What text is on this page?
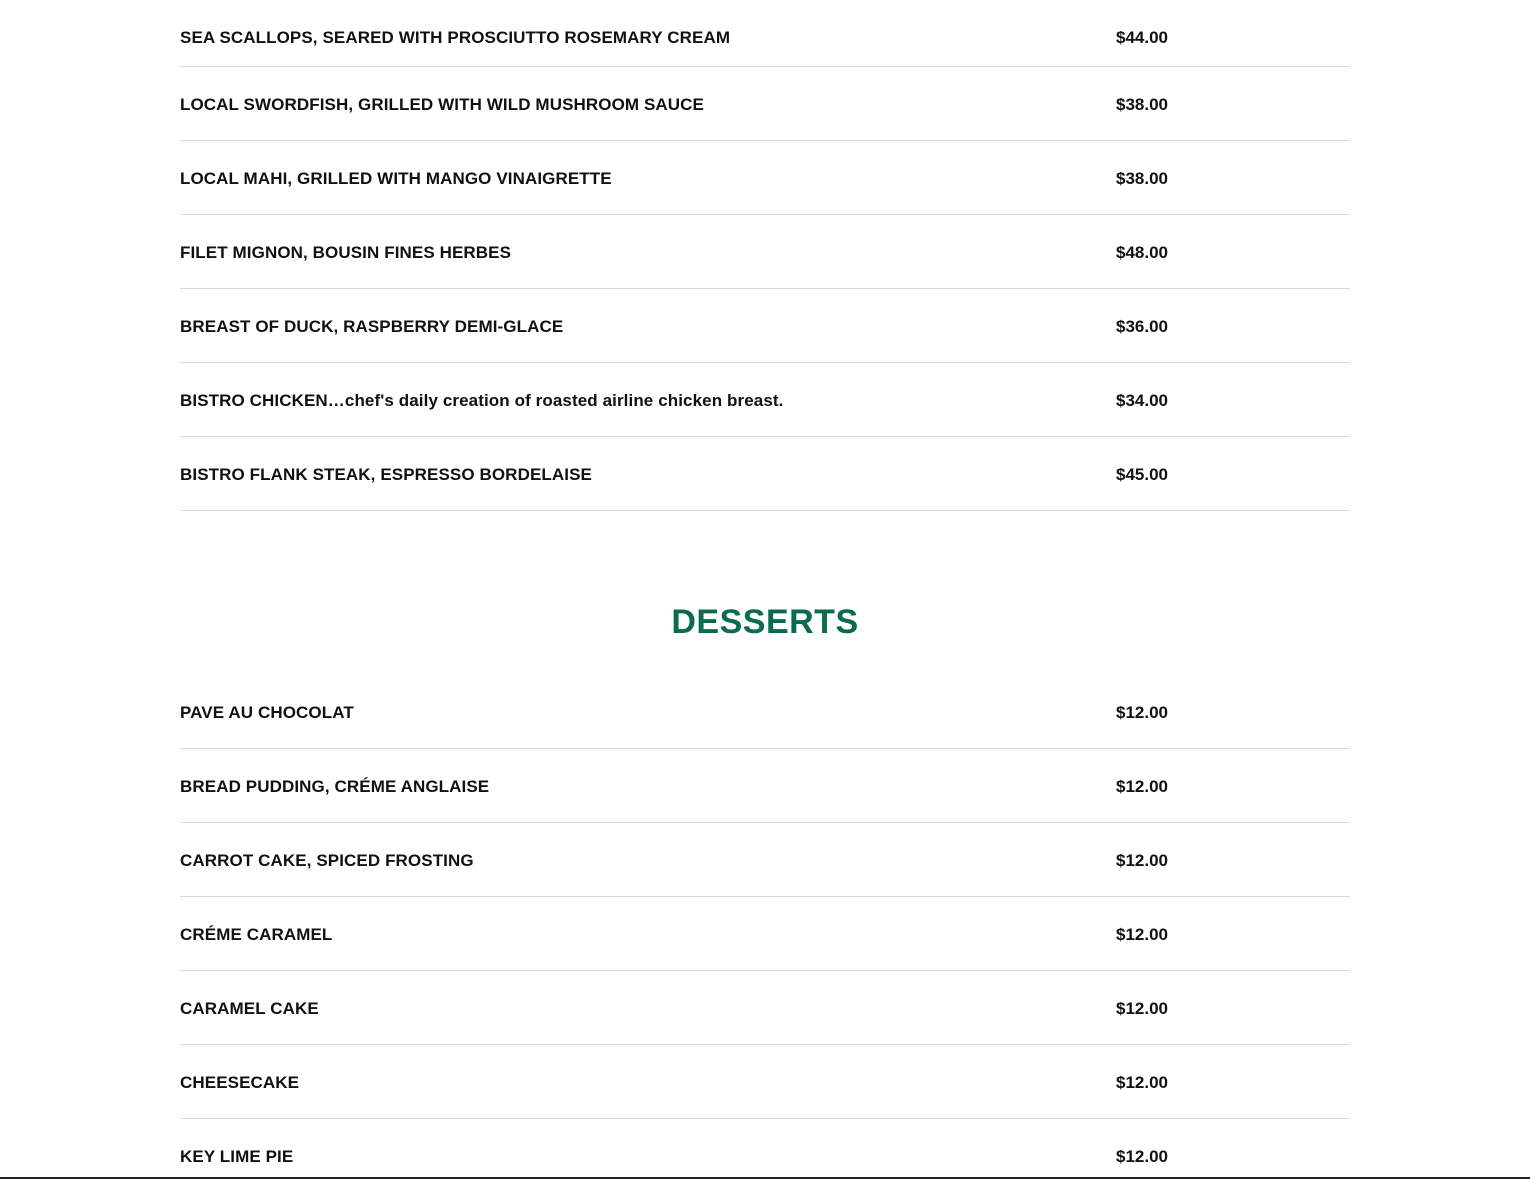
SEA SCALLOPS, SEARED WITH PROSCIUTTO ROSEMARY CREAM	$44.00
LOCAL SWORDFISH, GRILLED WITH WILD MUSHROOM SAUCE	$38.00
LOCAL MAHI, GRILLED WITH MANGO VINAIGRETTE	$38.00
FILET MIGNON, BOUSIN FINES HERBES	$48.00
BREAST OF DUCK, RASPBERRY DEMI-GLACE	$36.00
BISTRO CHICKEN…chef's daily creation of roasted airline chicken breast.	$34.00
BISTRO FLANK STEAK, ESPRESSO BORDELAISE	$45.00
DESSERTS
PAVE AU CHOCOLAT	$12.00
BREAD PUDDING, CRÉME ANGLAISE	$12.00
CARROT CAKE, SPICED FROSTING	$12.00
CRÉME CARAMEL	$12.00
CARAMEL CAKE	$12.00
CHEESECAKE	$12.00
KEY LIME PIE	$12.00
